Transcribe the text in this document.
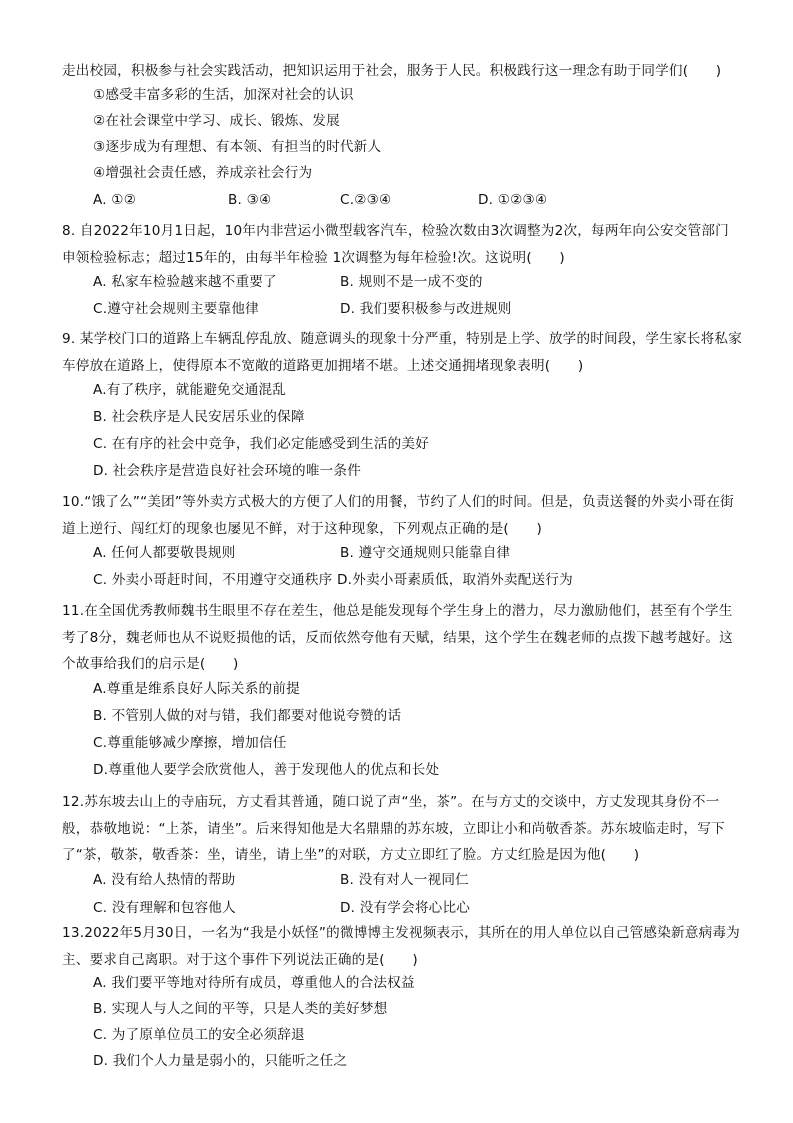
走出校园，积极参与社会实践活动，把知识运用于社会，服务于人民。积极践行这一理念有助于同学们(　　)
①感受丰富多彩的生活，加深对社会的认识
②在社会课堂中学习、成长、锻炼、发展
③逐步成为有理想、有本领、有担当的时代新人
④增强社会责任感，养成亲社会行为
A. ①②	B. ③④	C.②③④	D. ①②③④
8. 自2022年10月1日起，10年内非营运小微型载客汽车，检验次数由3次调整为2次，每两年向公安交管部门申领检验标志；超过15年的，由每半年检验 1次调整为每年检验!次。这说明(　　)
A. 私家车检验越来越不重要了	B. 规则不是一成不变的
C.遵守社会规则主要靠他律	D. 我们要积极参与改进规则
9. 某学校门口的道路上车辆乱停乱放、随意调头的现象十分严重，特别是上学、放学的时间段，学生家长将私家车停放在道路上，使得原本不宽敞的道路更加拥堵不堪。上述交通拥堵现象表明(　　)
A.有了秩序，就能避免交通混乱
B. 社会秩序是人民安居乐业的保障
C. 在有序的社会中竞争，我们必定能感受到生活的美好
D. 社会秩序是营造良好社会环境的唯一条件
10.“饿了么”“美团”等外卖方式极大的方便了人们的用餐，节约了人们的时间。但是，负责送餐的外卖小哥在街道上逆行、闯红灯的现象也屡见不鲜，对于这种现象，下列观点正确的是(　　)
A. 任何人都要敬畏规则	B. 遵守交通规则只能靠自律
C. 外卖小哥赶时间，不用遵守交通秩序 D.外卖小哥素质低，取消外卖配送行为
11.在全国优秀教师魏书生眼里不存在差生，他总是能发现每个学生身上的潜力，尽力激励他们，甚至有个学生考了8分，魏老师也从不说贬损他的话，反而依然夸他有天赋，结果，这个学生在魏老师的点拨下越考越好。这个故事给我们的启示是(　　)
A.尊重是维系良好人际关系的前提
B. 不管别人做的对与错，我们都要对他说夸赞的话
C.尊重能够减少摩擦，增加信任
D.尊重他人要学会欣赏他人，善于发现他人的优点和长处
12.苏东坡去山上的寺庙玩，方丈看其普通，随口说了声“坐，茶”。在与方丈的交谈中，方丈发现其身份不一般，恭敬地说：“上茶，请坐”。后来得知他是大名鼎鼎的苏东坡，立即让小和尚敬香茶。苏东坡临走时，写下了“茶，敬茶，敬香茶：坐，请坐，请上坐”的对联，方丈立即红了脸。方丈红脸是因为他(　　)
A. 没有给人热情的帮助	B. 没有对人一视同仁
C. 没有理解和包容他人	D. 没有学会将心比心
13.2022年5月30日，一名为“我是小妖怪”的微博博主发视频表示，其所在的用人单位以自己管感染新意病毒为主、要求自己离职。对于这个事件下列说法正确的是(　　)
A. 我们要平等地对待所有成员，尊重他人的合法权益
B. 实现人与人之间的平等，只是人类的美好梦想
C. 为了原单位员工的安全必须辞退
D. 我们个人力量是弱小的，只能听之任之
